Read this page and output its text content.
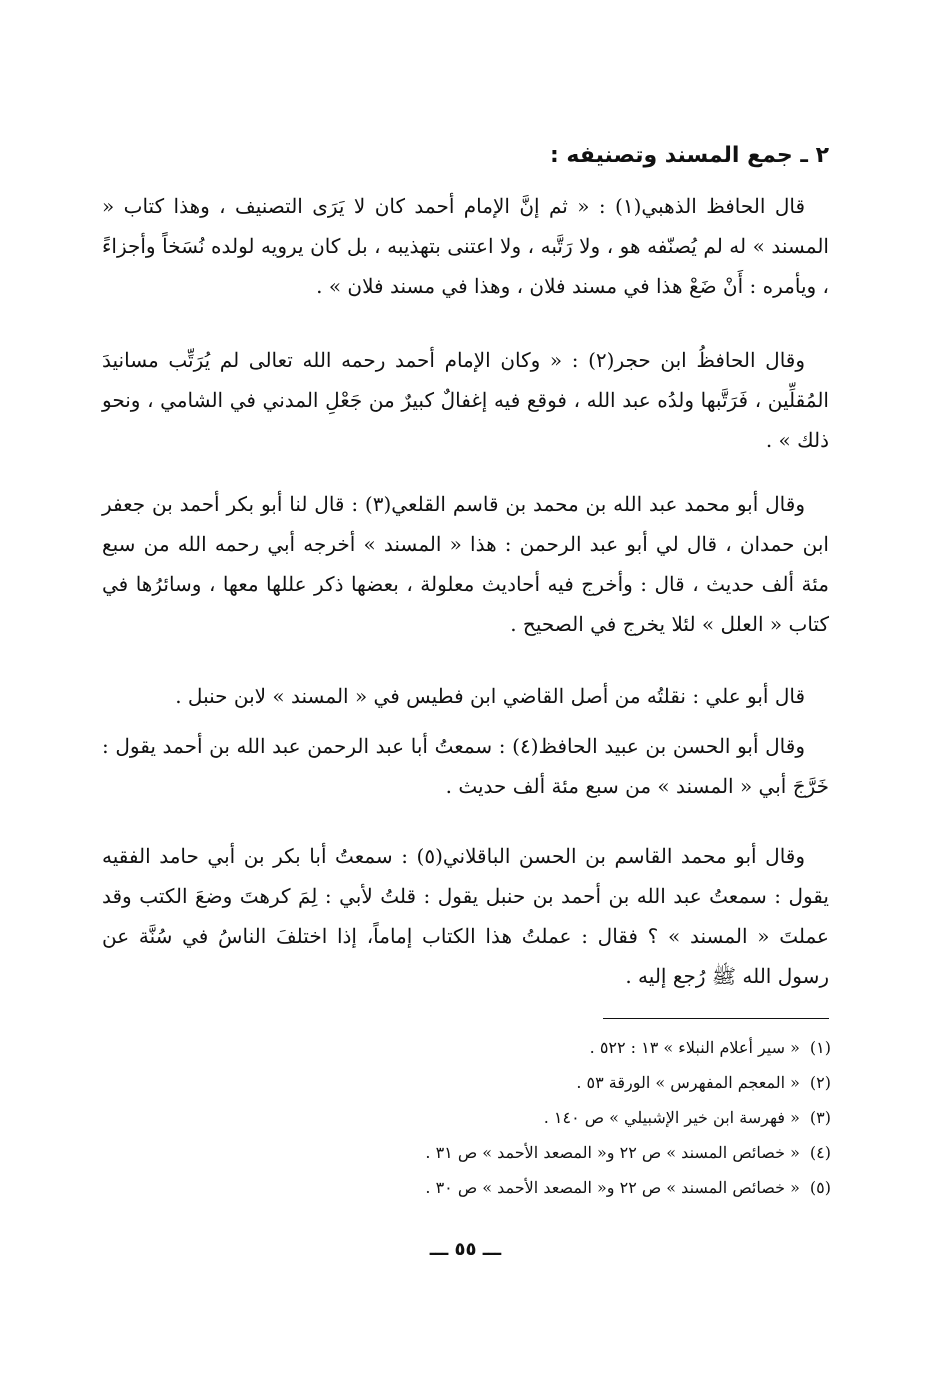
٢ ـ جمع المسند وتصنيفه :

قال الحافظ الذهبي(١) : « ثم إنَّ الإمام أحمد كان لا يَرَى التصنيف ، وهذا كتاب « المسند » له لم يُصنّفه هو ، ولا رَتَّبه ، ولا اعتنى بتهذيبه ، بل كان يرويه لولده نُسَخاً وأجزاءً ، ويأمره : أَنْ ضَعْ هذا في مسند فلان ، وهذا في مسند فلان » .

وقال الحافظُ ابن حجر(٢) : « وكان الإمام أحمد رحمه الله تعالى لم يُرَتِّب مسانيدَ المُقلِّين ، فَرَتَّبها ولدُه عبد الله ، فوقع فيه إغفالٌ كبيرٌ من جَعْلِ المدني في الشامي ، ونحو ذلك » .

وقال أبو محمد عبد الله بن محمد بن قاسم القلعي(٣) : قال لنا أبو بكر أحمد بن جعفر ابن حمدان ، قال لي أبو عبد الرحمن : هذا « المسند » أخرجه أبي رحمه الله من سبع مئة ألف حديث ، قال : وأخرج فيه أحاديث معلولة ، بعضها ذكر عللها معها ، وسائرُها في كتاب « العلل » لئلا يخرج في الصحيح .

قال أبو علي : نقلتُه من أصل القاضي ابن فطيس في « المسند » لابن حنبل .

وقال أبو الحسن بن عبيد الحافظ(٤) : سمعتُ أبا عبد الرحمن عبد الله بن أحمد يقول : خَرَّجَ أبي « المسند » من سبع مئة ألف حديث .

وقال أبو محمد القاسم بن الحسن الباقلاني(٥) : سمعتُ أبا بكر بن أبي حامد الفقيه يقول : سمعتُ عبد الله بن أحمد بن حنبل يقول : قلتُ لأبي : لِمَ كرهتَ وضعَ الكتب وقد عملتَ « المسند » ؟ فقال : عملتُ هذا الكتاب إماماً، إذا اختلفَ الناسُ في سُنَّة عن رسول الله ﷺ رُجع إليه .

(١)« سير أعلام النبلاء » ١٣ : ٥٢٢ .
(٢)« المعجم المفهرس » الورقة ٥٣ .
(٣)« فهرسة ابن خير الإشبيلي » ص ١٤٠ .
(٤)« خصائص المسند » ص ٢٢ و« المصعد الأحمد » ص ٣١ .
(٥)« خصائص المسند » ص ٢٢ و« المصعد الأحمد » ص ٣٠ .
ـــ ٥٥ ـــ
